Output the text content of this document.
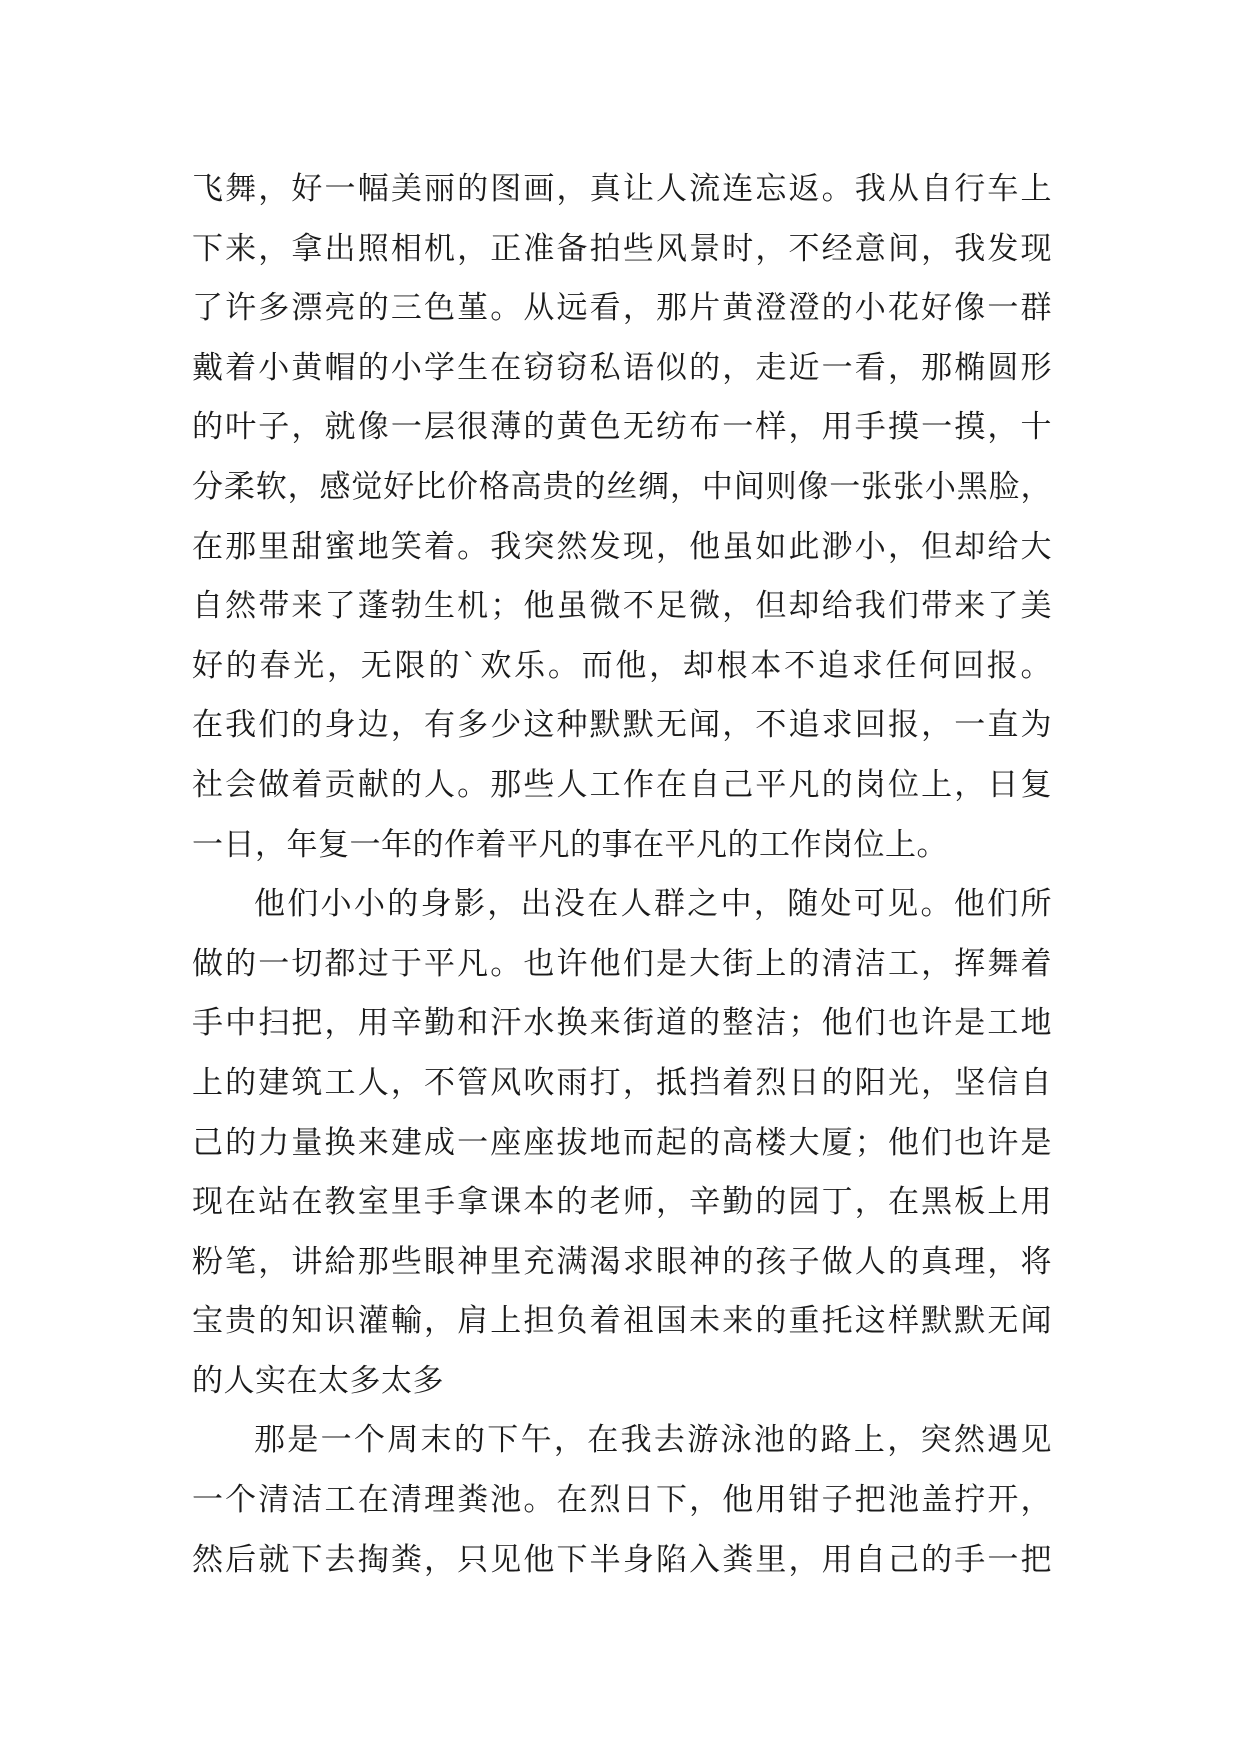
飞舞，好一幅美丽的图画，真让人流连忘返。我从自行车上
下来，拿出照相机，正准备拍些风景时，不经意间，我发现
了许多漂亮的三色堇。从远看，那片黄澄澄的小花好像一群
戴着小黄帽的小学生在窃窃私语似的，走近一看，那椭圆形
的叶子，就像一层很薄的黄色无纺布一样，用手摸一摸，十
分柔软，感觉好比价格高贵的丝绸，中间则像一张张小黑脸，
在那里甜蜜地笑着。我突然发现，他虽如此渺小，但却给大
自然带来了蓬勃生机；他虽微不足微，但却给我们带来了美
好的春光，无限的`欢乐。而他，却根本不追求任何回报。
在我们的身边，有多少这种默默无闻，不追求回报，一直为
社会做着贡献的人。那些人工作在自己平凡的岗位上，日复
一日，年复一年的作着平凡的事在平凡的工作岗位上。
他们小小的身影，出没在人群之中，随处可见。他们所
做的一切都过于平凡。也许他们是大街上的清洁工，挥舞着
手中扫把，用辛勤和汗水换来街道的整洁；他们也许是工地
上的建筑工人，不管风吹雨打，抵挡着烈日的阳光，坚信自
己的力量换来建成一座座拔地而起的高楼大厦；他们也许是
现在站在教室里手拿课本的老师，辛勤的园丁，在黑板上用
粉笔，讲給那些眼神里充满渴求眼神的孩子做人的真理，将
宝贵的知识灌輸，肩上担负着祖国未来的重托这样默默无闻
的人实在太多太多
那是一个周末的下午，在我去游泳池的路上，突然遇见
一个清洁工在清理粪池。在烈日下，他用钳子把池盖拧开，
然后就下去掏粪，只见他下半身陷入粪里，用自己的手一把
